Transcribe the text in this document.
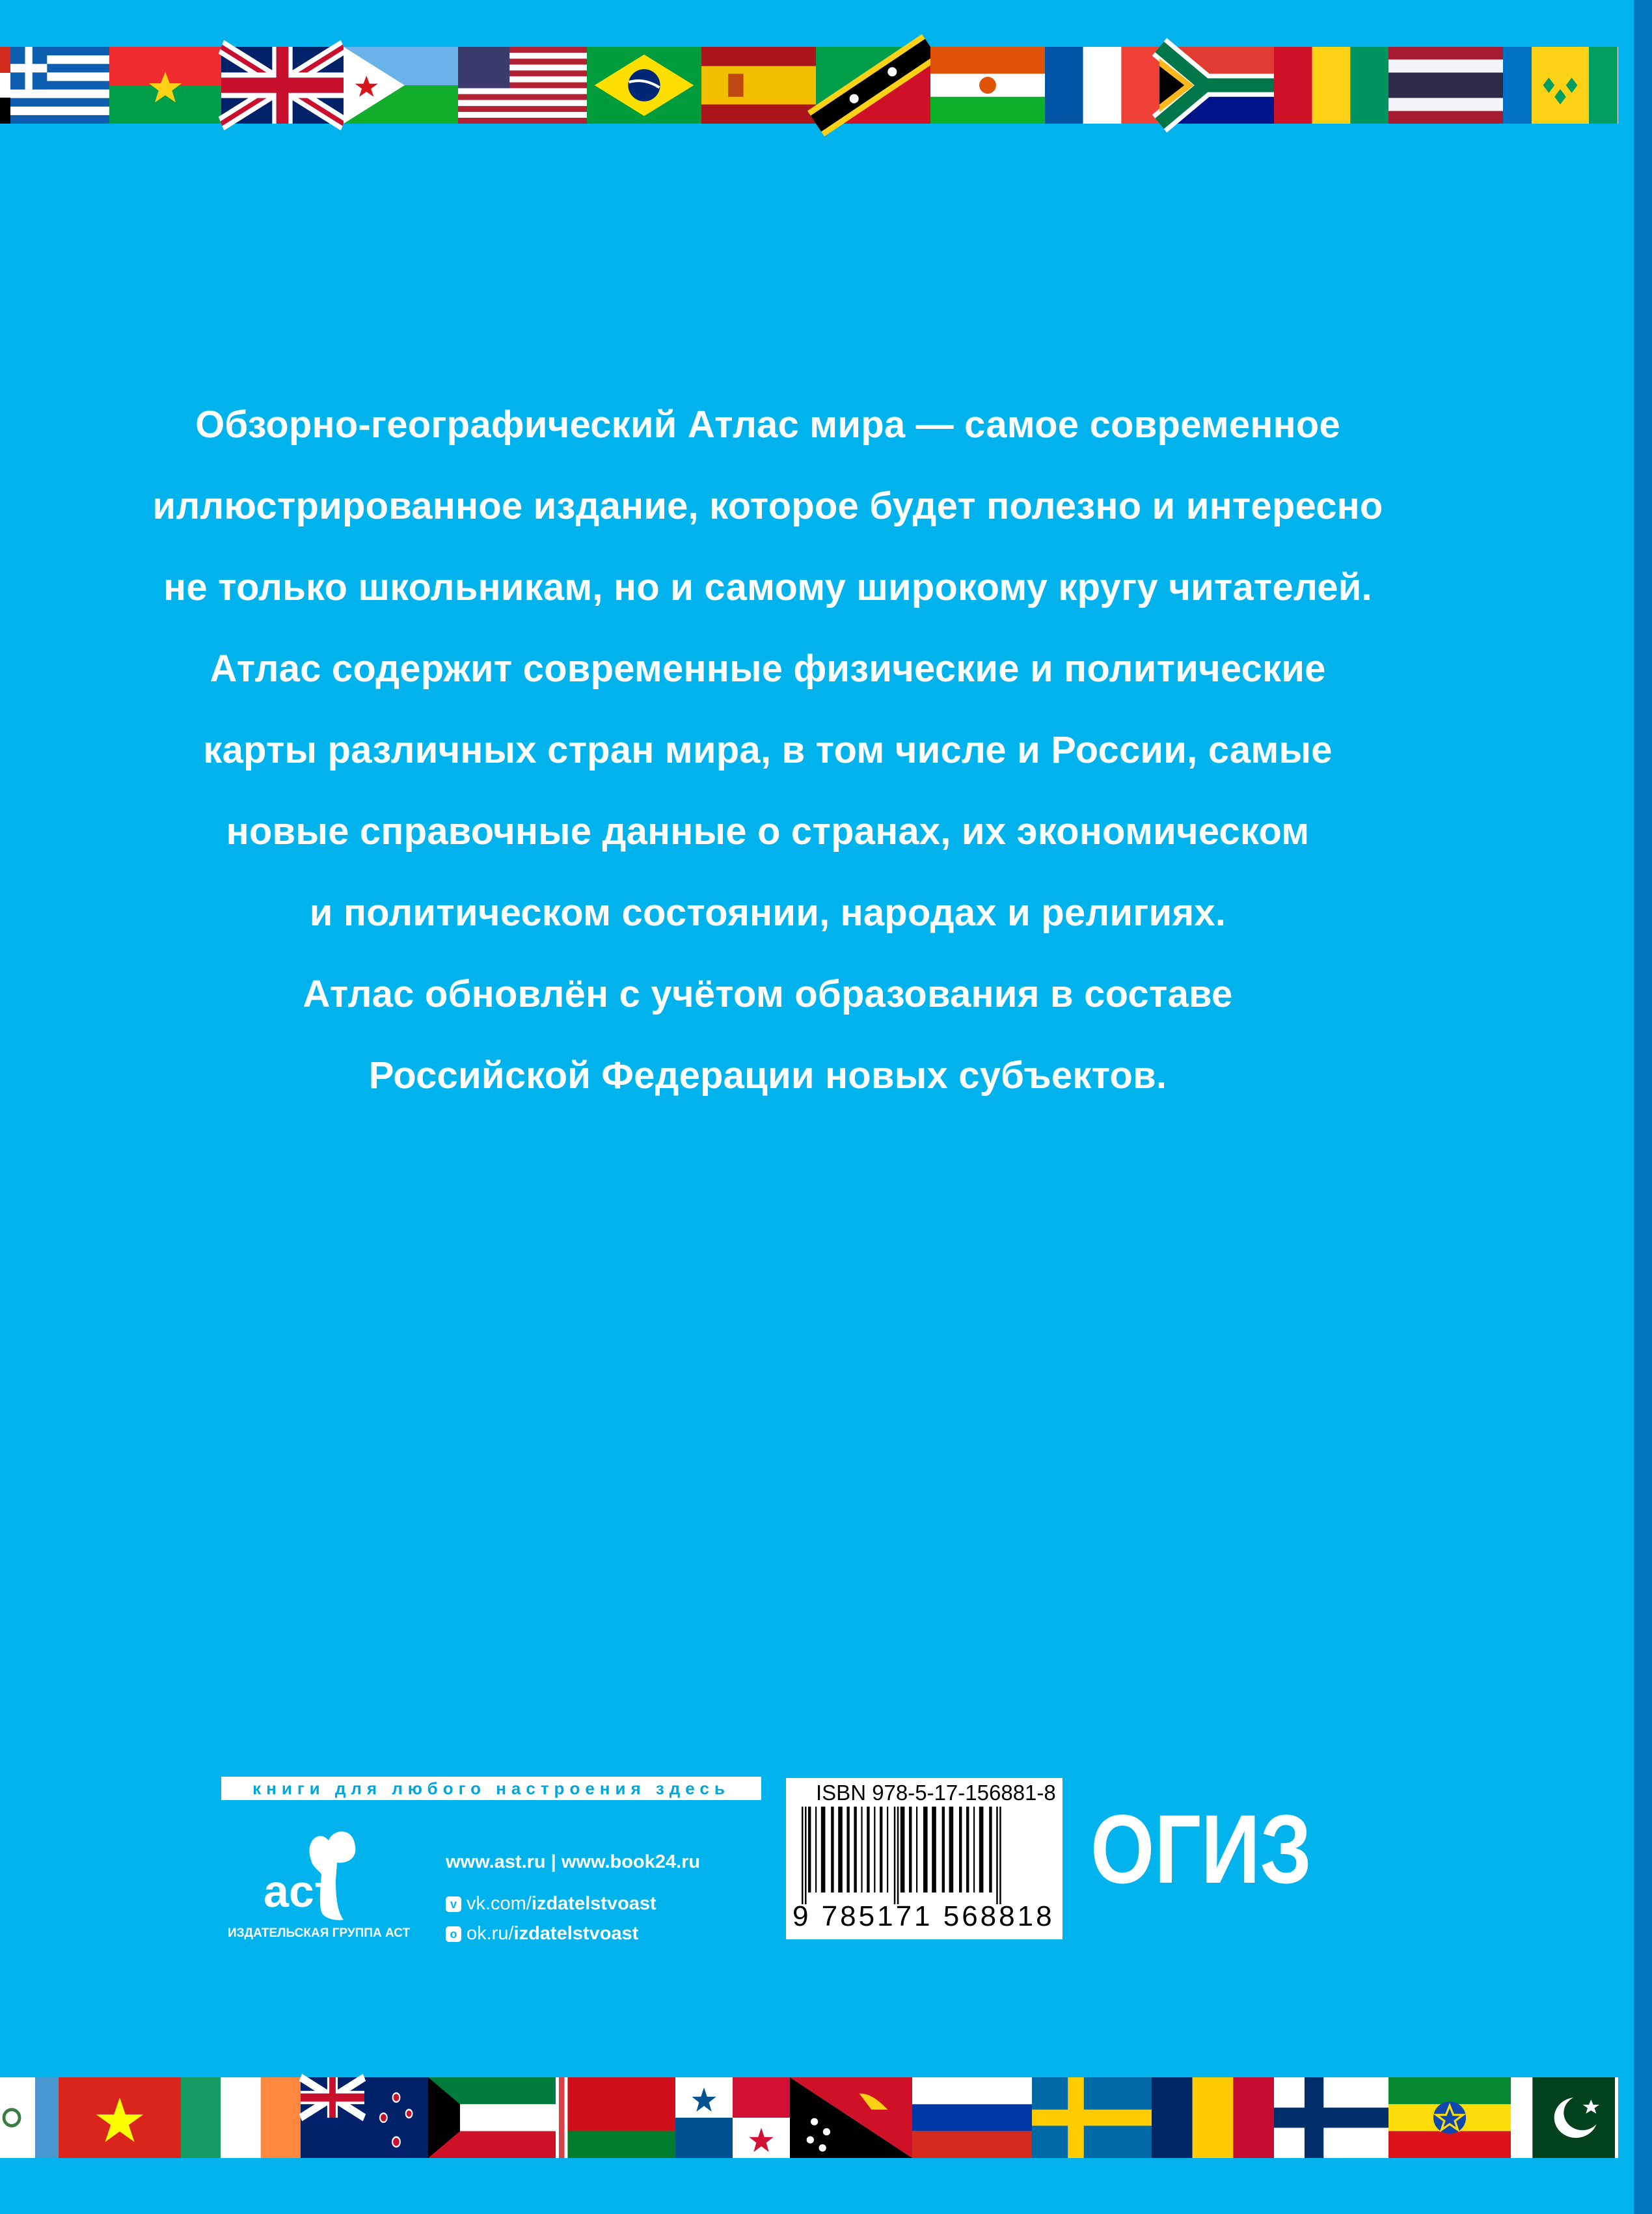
Обзорно-географический Атлас мира — самое современное
иллюстрированное издание, которое будет полезно и интересно
не только школьникам, но и самому широкому кругу читателей.
Атлас содержит современные физические и политические
карты различных стран мира, в том числе и России, самые
новые справочные данные о странах, их экономическом
и политическом состоянии, народах и религиях.
Атлас обновлён с учётом образования в составе
Российской Федерации новых субъектов.
книги для любого настроения здесь
аст
ИЗДАТЕЛЬСКАЯ ГРУППА АСТ
www.ast.ru | www.book24.ru
v vk.com/izdatelstvoast
o ok.ru/izdatelstvoast
ISBN 978-5-17-156881-8
9 785171 568818
ОГИЗ
